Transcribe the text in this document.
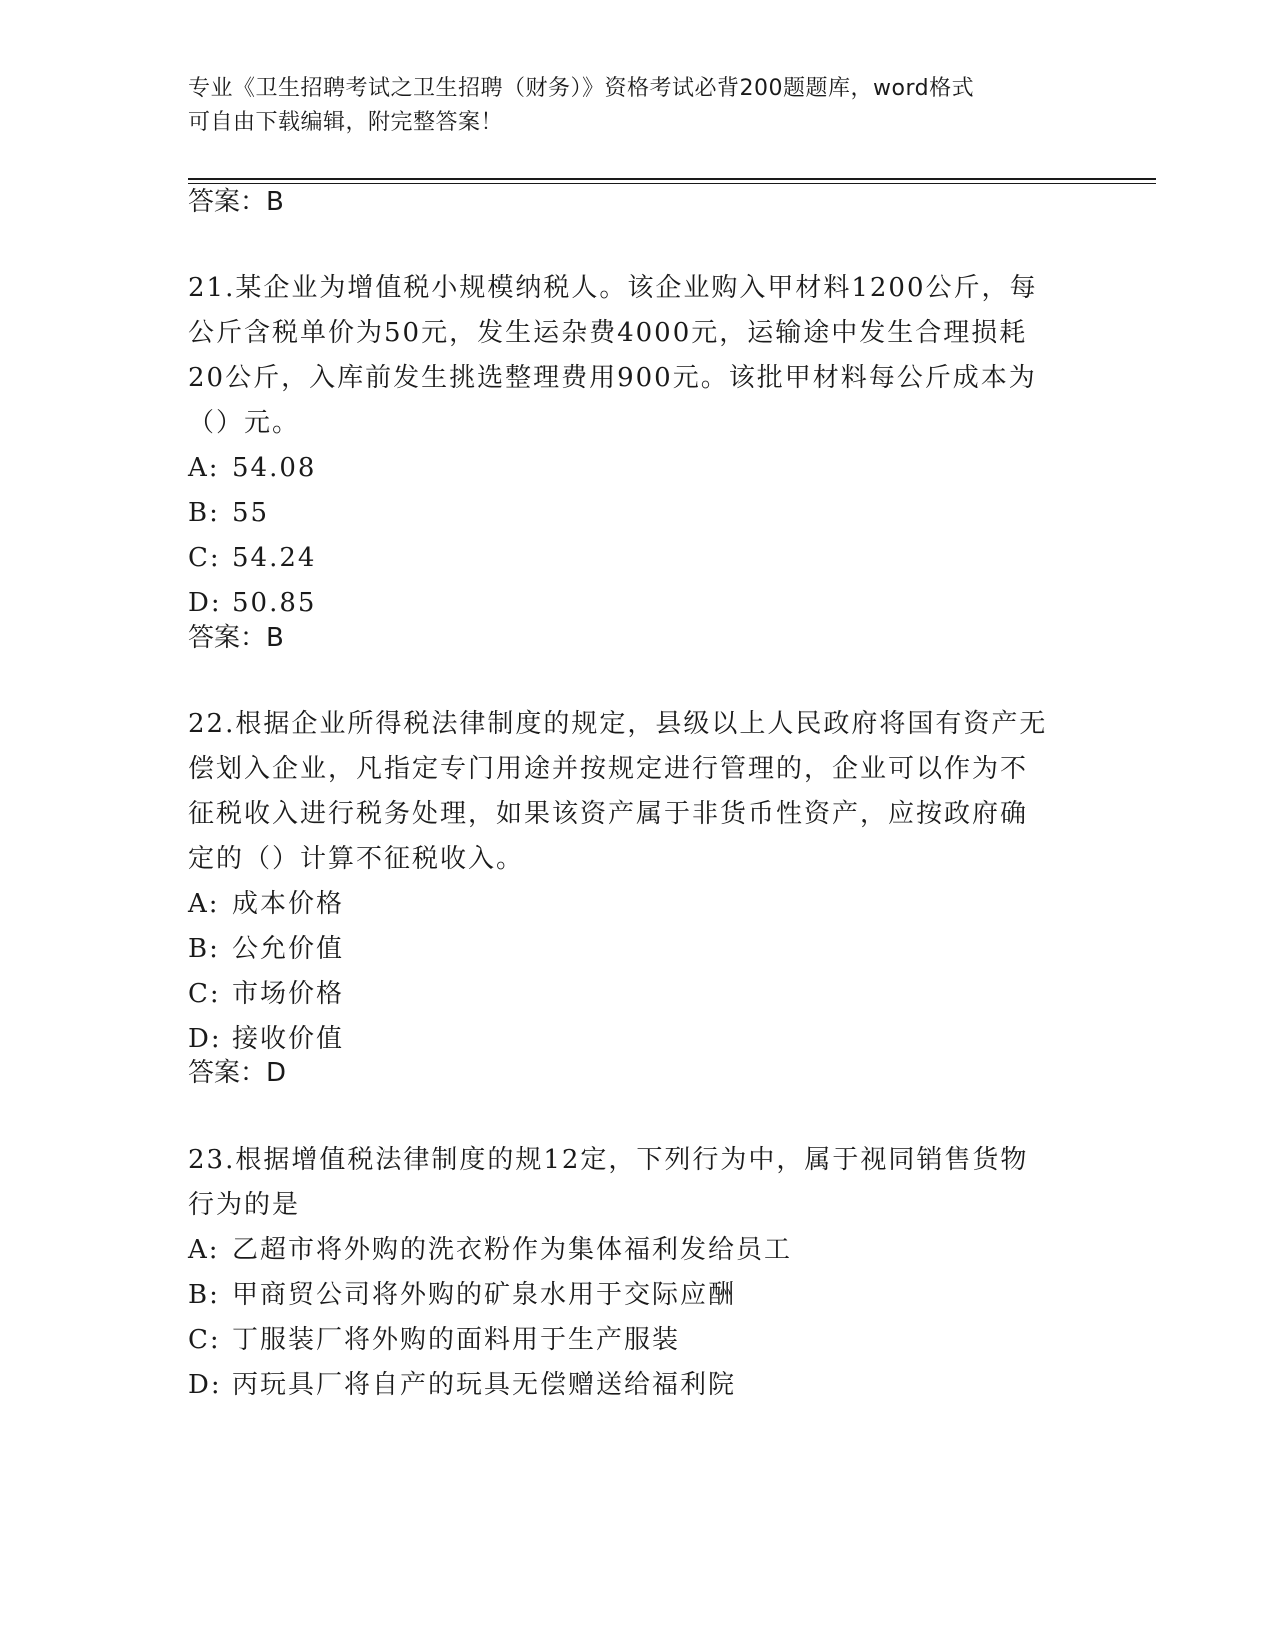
专业《卫生招聘考试之卫生招聘（财务）》资格考试必背200题题库，word格式
可自由下载编辑，附完整答案！
答案：B

21.某企业为增值税小规模纳税人。该企业购入甲材料1200公斤，每

公斤含税单价为50元，发生运杂费4000元，运输途中发生合理损耗

20公斤，入库前发生挑选整理费用900元。该批甲材料每公斤成本为

（）元。

A: 54.08
B: 55
C: 54.24
D: 50.85
答案：B

22.根据企业所得税法律制度的规定，县级以上人民政府将国有资产无

偿划入企业，凡指定专门用途并按规定进行管理的，企业可以作为不

征税收入进行税务处理，如果该资产属于非货币性资产，应按政府确

定的（）计算不征税收入。

A: 成本价格
B: 公允价值
C: 市场价格
D: 接收价值
答案：D

23.根据增值税法律制度的规12定，下列行为中，属于视同销售货物

行为的是

A: 乙超市将外购的洗衣粉作为集体福利发给员工
B: 甲商贸公司将外购的矿泉水用于交际应酬
C: 丁服装厂将外购的面料用于生产服装
D: 丙玩具厂将自产的玩具无偿赠送给福利院
